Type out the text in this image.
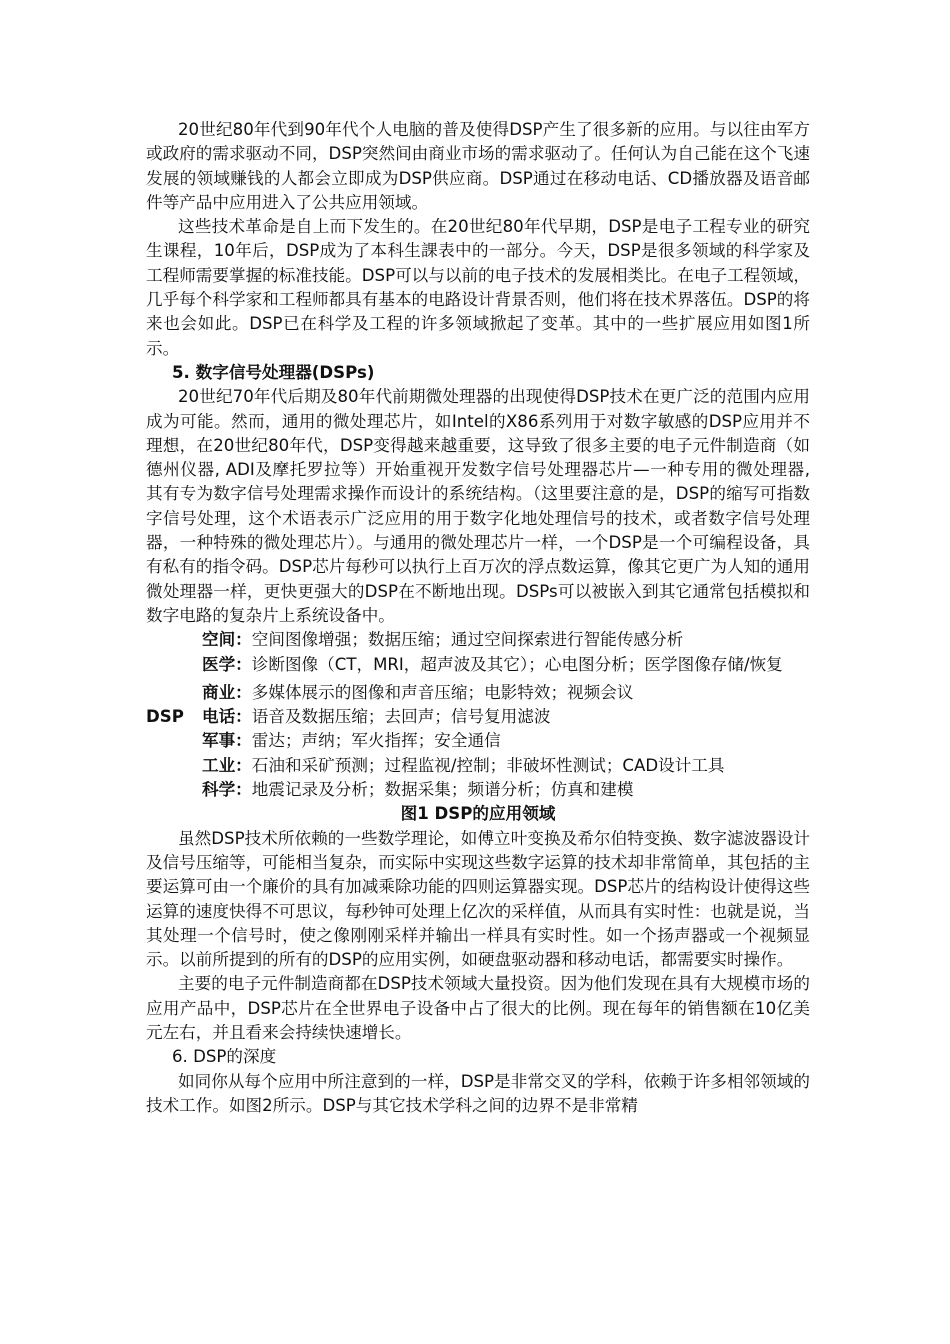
20世纪80年代到90年代个人电脑的普及使得DSP产生了很多新的应用。与以往由军方或政府的需求驱动不同，DSP突然间由商业市场的需求驱动了。任何认为自己能在这个飞速发展的领域赚钱的人都会立即成为DSP供应商。DSP通过在移动电话、CD播放器及语音邮件等产品中应用进入了公共应用领域。

这些技术革命是自上而下发生的。在20世纪80年代早期，DSP是电子工程专业的研究生课程，10年后，DSP成为了本科生課表中的一部分。今天，DSP是很多领域的科学家及工程师需要掌握的标准技能。DSP可以与以前的电子技术的发展相类比。在电子工程领域，几乎每个科学家和工程师都具有基本的电路设计背景否则，他们将在技术界落伍。DSP的将来也会如此。DSP已在科学及工程的许多领域掀起了变革。其中的一些扩展应用如图1所示。

5. 数字信号处理器(DSPs)

20世纪70年代后期及80年代前期微处理器的出现使得DSP技术在更广泛的范围内应用成为可能。然而，通用的微处理芯片，如Intel的X86系列用于对数字敏感的DSP应用并不理想，在20世纪80年代，DSP变得越来越重要，这导致了很多主要的电子元件制造商（如德州仪器, ADI及摩托罗拉等）开始重视开发数字信号处理器芯片—一种专用的微处理器, 其有专为数字信号处理需求操作而设计的系统结构。（这里要注意的是，DSP的缩写可指数字信号处理，这个术语表示广泛应用的用于数字化地处理信号的技术，或者数字信号处理器，一种特殊的微处理芯片）。与通用的微处理芯片一样，一个DSP是一个可编程设备，具有私有的指令码。DSP芯片每秒可以执行上百万次的浮点数运算，像其它更广为人知的通用微处理器一样，更快更强大的DSP在不断地出现。DSPs可以被嵌入到其它通常包括模拟和数字电路的复杂片上系统设备中。

空间：空间图像增强；数据压缩；通过空间探索进行智能传感分析
医学：诊断图像（CT，MRI，超声波及其它）；心电图分析；医学图像存储/恢复
商业：多媒体展示的图像和声音压缩；电影特效；视频会议
DSP 电话：语音及数据压缩；去回声；信号复用滤波
军事：雷达；声纳；军火指挥；安全通信
工业：石油和采矿预测；过程监视/控制；非破坏性测试；CAD设计工具
科学：地震记录及分析；数据采集；频谱分析；仿真和建模

图1 DSP的应用领域

虽然DSP技术所依赖的一些数学理论，如傅立叶变换及希尔伯特变换、数字滤波器设计及信号压缩等，可能相当复杂，而实际中实现这些数字运算的技术却非常简单，其包括的主要运算可由一个廉价的具有加减乘除功能的四则运算器实现。DSP芯片的结构设计使得这些运算的速度快得不可思议，每秒钟可处理上亿次的采样值，从而具有实时性：也就是说，当其处理一个信号时，使之像刚刚采样并输出一样具有实时性。如一个扬声器或一个视频显示。以前所提到的所有的DSP的应用实例，如硬盘驱动器和移动电话，都需要实时操作。

主要的电子元件制造商都在DSP技术领域大量投资。因为他们发现在具有大规模市场的应用产品中，DSP芯片在全世界电子设备中占了很大的比例。现在每年的销售额在10亿美元左右，并且看来会持续快速增长。

6. DSP的深度

如同你从每个应用中所注意到的一样，DSP是非常交叉的学科，依赖于许多相邻领域的技术工作。如图2所示。DSP与其它技术学科之间的边界不是非常精
